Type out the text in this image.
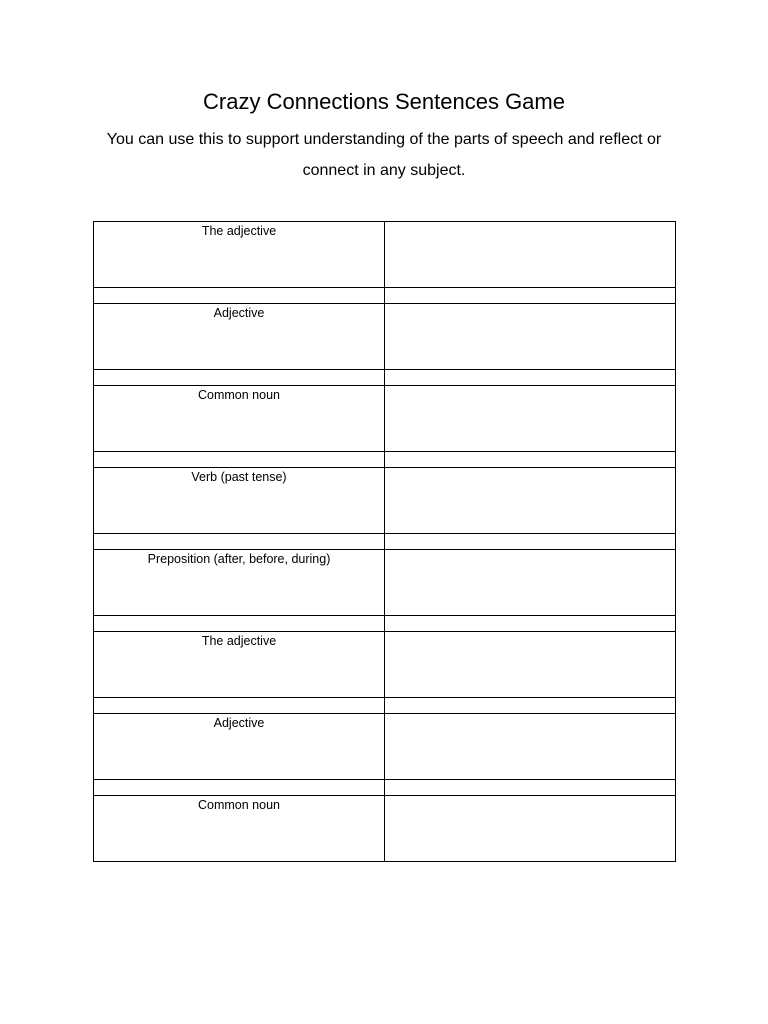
Crazy Connections Sentences Game
You can use this to support understanding of the parts of speech and reflect or connect in any subject.
The adjective	

Adjective	

Common noun	

Verb (past tense)	

Preposition (after, before, during)	

The adjective	

Adjective	

Common noun	
